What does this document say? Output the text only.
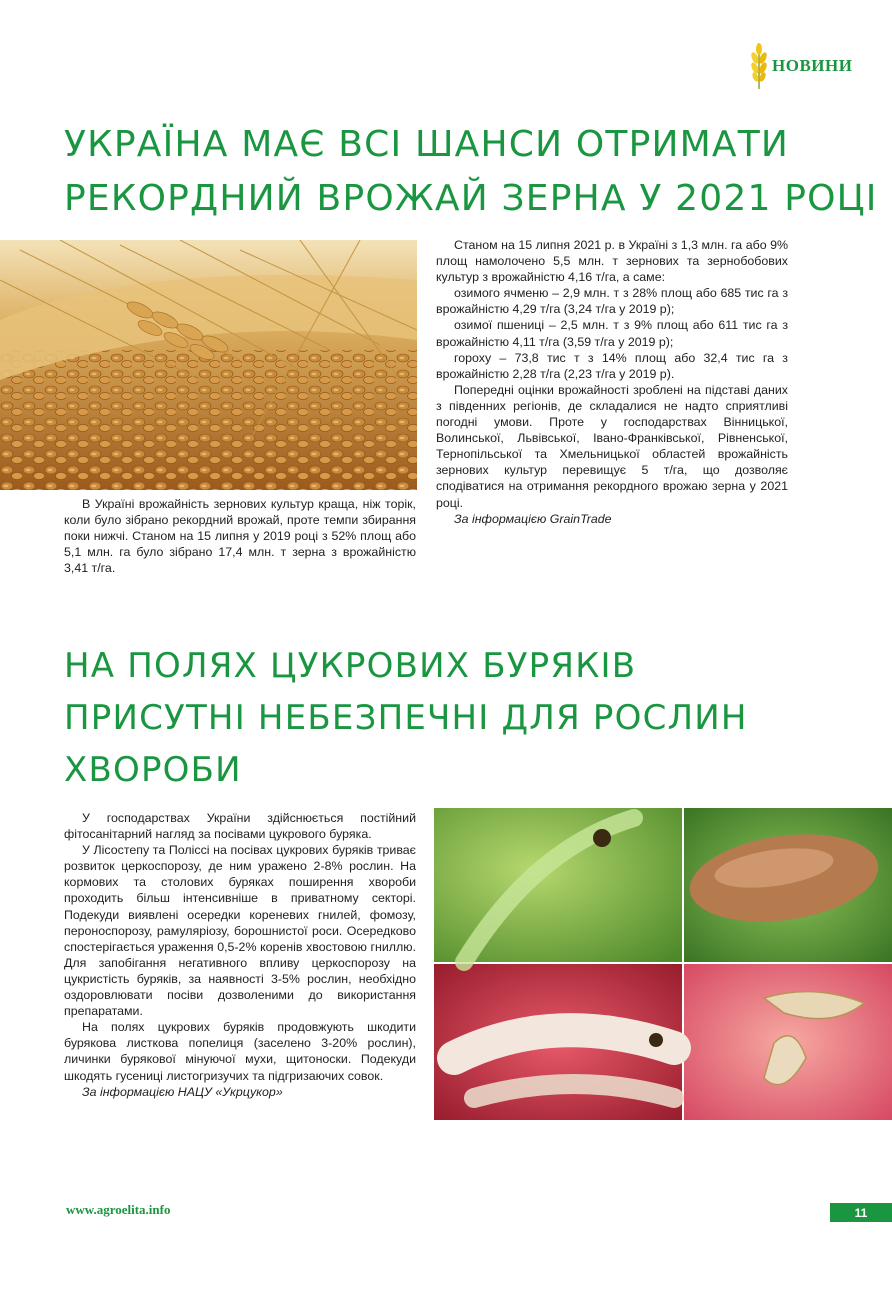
НОВИНИ
УКРАЇНА МАЄ ВСІ ШАНСИ ОТРИМАТИ
РЕКОРДНИЙ ВРОЖАЙ ЗЕРНА У 2021 РОЦІ

В Україні врожайність зернових культур краща, ніж торік, коли було зібрано рекордний врожай, проте темпи збирання поки нижчі. Станом на 15 липня у 2019 році з 52% площ або 5,1 млн. га було зібрано 17,4 млн. т зерна з врожайністю 3,41 т/га.

Станом на 15 липня 2021 р. в Україні з 1,3 млн. га або 9% площ намолочено 5,5 млн. т зернових та зернобобових культур з врожайністю 4,16 т/га, а саме:

озимого ячменю – 2,9 млн. т з 28% площ або 685 тис га з врожайністю 4,29 т/га (3,24 т/га у 2019 р);

озимої пшениці – 2,5 млн. т з 9% площ або 611 тис га з врожайністю 4,11 т/га (3,59 т/га у 2019 р);

гороху – 73,8 тис т з 14% площ або 32,4 тис га з врожайністю 2,28 т/га (2,23 т/га у 2019 р).

Попередні оцінки врожайності зроблені на підставі даних з південних регіонів, де складалися не надто сприятливі погодні умови. Проте у господарствах Вінницької, Волинської, Львівської, Івано-Франківської, Рівненської, Тернопільської та Хмельницької областей врожайність зернових культур перевищує 5 т/га, що дозволяє сподіватися на отримання рекордного врожаю зерна у 2021 році.

За інформацією GrainTrade

НА ПОЛЯХ ЦУКРОВИХ БУРЯКІВ
ПРИСУТНІ НЕБЕЗПЕЧНІ ДЛЯ РОСЛИН
ХВОРОБИ

У господарствах України здійснюється постійний фітосанітарний нагляд за посівами цукрового буряка.

У Лісостепу та Поліссі на посівах цукрових буряків триває розвиток церкоспорозу, де ним уражено 2-8% рослин. На кормових та столових буряках поширення хвороби проходить більш інтенсивніше в приватному секторі. Подекуди виявлені осередки кореневих гнилей, фомозу, пероноспорозу, рамуляріозу, борошнистої роси. Осередково спостерігається ураження 0,5-2% коренів хвостовою гниллю. Для запобігання негативного впливу церкоспорозу на цукристість буряків, за наявності 3-5% рослин, необхідно оздоровлювати посіви дозволеними до використання препаратами.

На полях цукрових буряків продовжують шкодити бурякова листкова попелиця (заселено 3-20% рослин), личинки бурякової мінуючої мухи, щитоноски. Подекуди шкодять гусениці листогризучих та підгризаючих совок.

За інформацією НАЦУ «Укрцукор»

www.agroelita.info	11
